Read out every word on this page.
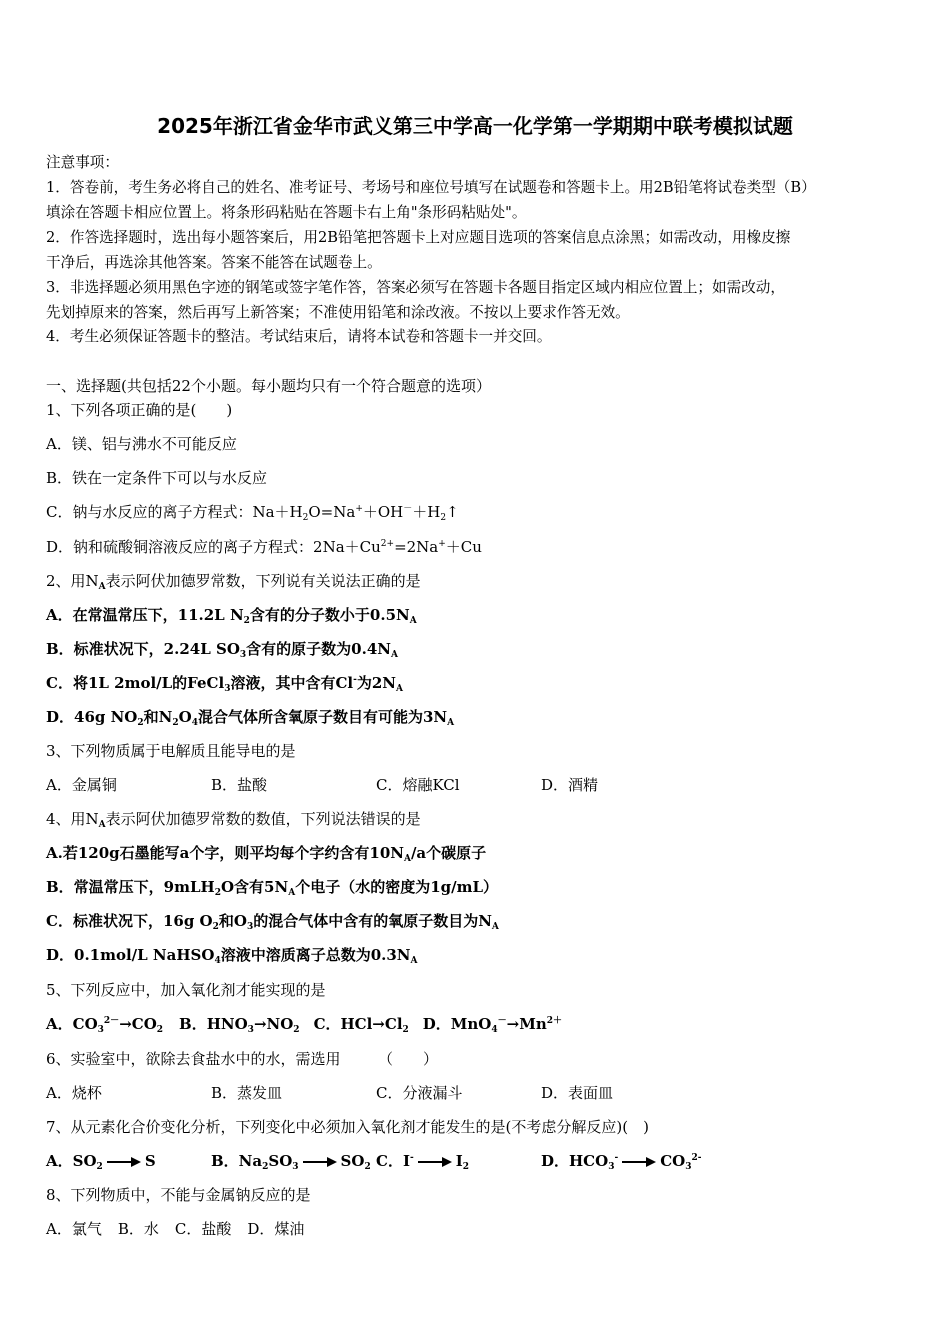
2025年浙江省金华市武义第三中学高一化学第一学期期中联考模拟试题
注意事项：
1．答卷前，考生务必将自己的姓名、准考证号、考场号和座位号填写在试题卷和答题卡上。用2B铅笔将试卷类型（B）
填涂在答题卡相应位置上。将条形码粘贴在答题卡右上角"条形码粘贴处"。
2．作答选择题时，选出每小题答案后，用2B铅笔把答题卡上对应题目选项的答案信息点涂黑；如需改动，用橡皮擦
干净后，再选涂其他答案。答案不能答在试题卷上。
3．非选择题必须用黑色字迹的钢笔或签字笔作答，答案必须写在答题卡各题目指定区域内相应位置上；如需改动，
先划掉原来的答案，然后再写上新答案；不准使用铅笔和涂改液。不按以上要求作答无效。
4．考生必须保证答题卡的整洁。考试结束后，请将本试卷和答题卡一并交回。
一、选择题(共包括22个小题。每小题均只有一个符合题意的选项）
1、下列各项正确的是(　　)
A．镁、铝与沸水不可能反应
B．铁在一定条件下可以与水反应
C．钠与水反应的离子方程式：$Na+H_2O=Na^++OH^-+H_2↑$
D．钠和硫酸铜溶液反应的离子方程式：$2Na+Cu^{2+}=2Na^++Cu$
2、用$N_A$表示阿伏加德罗常数，下列说有关说法正确的是
A．在常温常压下，11.2L $N_2$含有的分子数小于$0.5N_A$
B．标准状况下，2.24L $SO_3$含有的原子数为$0.4N_A$
C．将1L 2mol/L的FeCl$_3$溶液，其中含有Cl-为$2N_A$
D．46g $NO_2$和$N_2O_4$混合气体所含氧原子数目有可能为$3N_A$
3、下列物质属于电解质且能导电的是
A．金属铜	B．盐酸	C．熔融KCl	D．酒精
4、用$N_A$表示阿伏加德罗常数的数值，下列说法错误的是
A.若120g石墨能写a个字，则平均每个字约含有$10N_A/a$个碳原子
B．常温常压下，9mLH$_2$O含有$5N_A$个电子（水的密度为1g/mL）
C．标准状况下，16g $O_2$和$O_3$的混合气体中含有的氧原子数目为$N_A$
D．0.1mol/L NaHSO$_4$溶液中溶质离子总数为$0.3N_A$
5、下列反应中，加入氧化剂才能实现的是
A．$CO_3^{2-}\to CO_2$ B．$HNO_3\to NO_2$ C．$HCl\to Cl_2$ D．$MnO_4^-\to Mn^{2+}$
6、实验室中，欲除去食盐水中的水，需选用　　　（　　）
A．烧杯	B．蒸发皿	C．分液漏斗	D．表面皿
7、从元素化合价变化分析，下列变化中必须加入氧化剂才能发生的是(不考虑分解反应)(　)
A．$SO_2$	S	B．$Na_2SO_3$	$SO_2$ C．I-	$I_2$	D．$HCO_3^-$	$CO_3^{2-}$
8、下列物质中，不能与金属钠反应的是
A．氯气 B．水 C．盐酸 D．煤油
